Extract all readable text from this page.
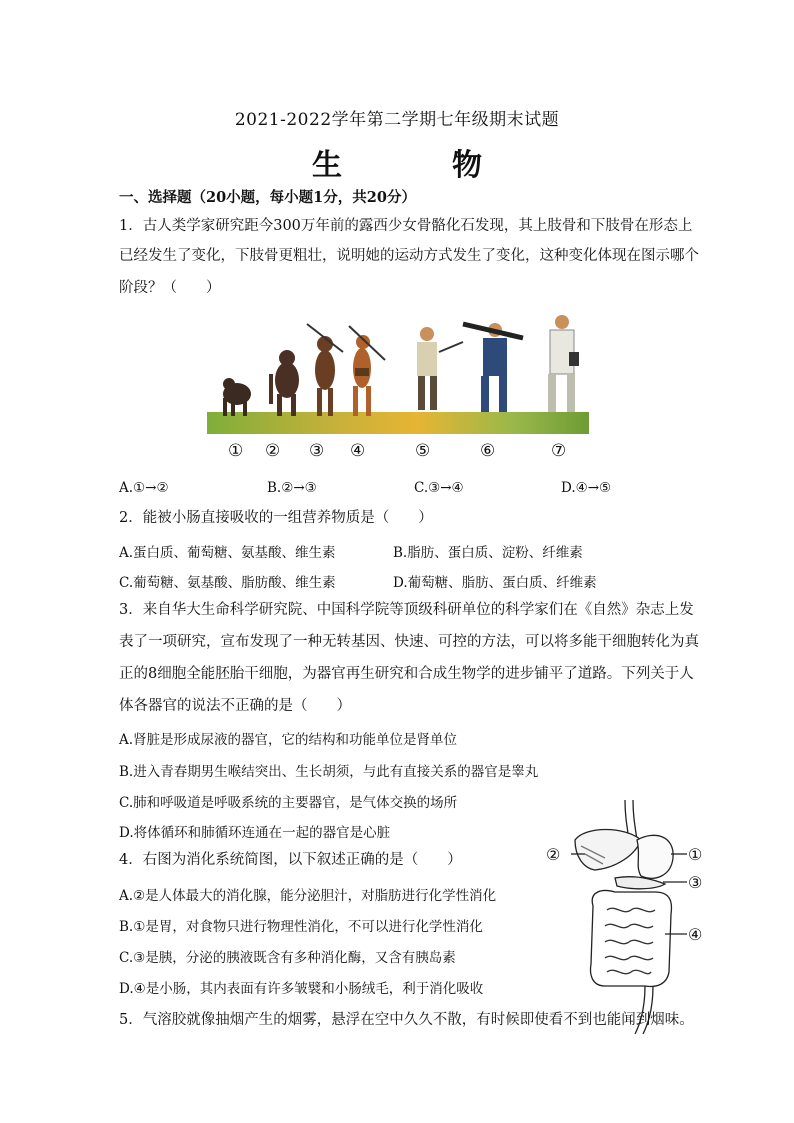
2021-2022学年第二学期七年级期末试题
生　物
一、选择题（20小题，每小题1分，共20分）
1．古人类学家研究距今300万年前的露西少女骨骼化石发现，其上肢骨和下肢骨在形态上
已经发生了变化，下肢骨更粗壮，说明她的运动方式发生了变化，这种变化体现在图示哪个
阶段？（　　）
① ② ③ ④	⑤	⑥	⑦
A.①→②	B.②→③	C.③→④	D.④→⑤
2．能被小肠直接吸收的一组营养物质是（　　）
A.蛋白质、葡萄糖、氨基酸、维生素	B.脂肪、蛋白质、淀粉、纤维素
C.葡萄糖、氨基酸、脂肪酸、维生素	D.葡萄糖、脂肪、蛋白质、纤维素
3．来自华大生命科学研究院、中国科学院等顶级科研单位的科学家们在《自然》杂志上发
表了一项研究，宣布发现了一种无转基因、快速、可控的方法，可以将多能干细胞转化为真
正的8细胞全能胚胎干细胞，为器官再生研究和合成生物学的进步铺平了道路。下列关于人
体各器官的说法不正确的是（　　）
A.肾脏是形成尿液的器官，它的结构和功能单位是肾单位
B.进入青春期男生喉结突出、生长胡须，与此有直接关系的器官是睾丸
C.肺和呼吸道是呼吸系统的主要器官，是气体交换的场所
D.将体循环和肺循环连通在一起的器官是心脏
4．右图为消化系统简图，以下叙述正确的是（　　）
A.②是人体最大的消化腺，能分泌胆汁，对脂肪进行化学性消化
B.①是胃，对食物只进行物理性消化，不可以进行化学性消化
C.③是胰，分泌的胰液既含有多种消化酶，又含有胰岛素
D.④是小肠，其内表面有许多皱襞和小肠绒毛，利于消化吸收
②	①
③
④
5．气溶胶就像抽烟产生的烟雾，悬浮在空中久久不散，有时候即使看不到也能闻到烟味。
